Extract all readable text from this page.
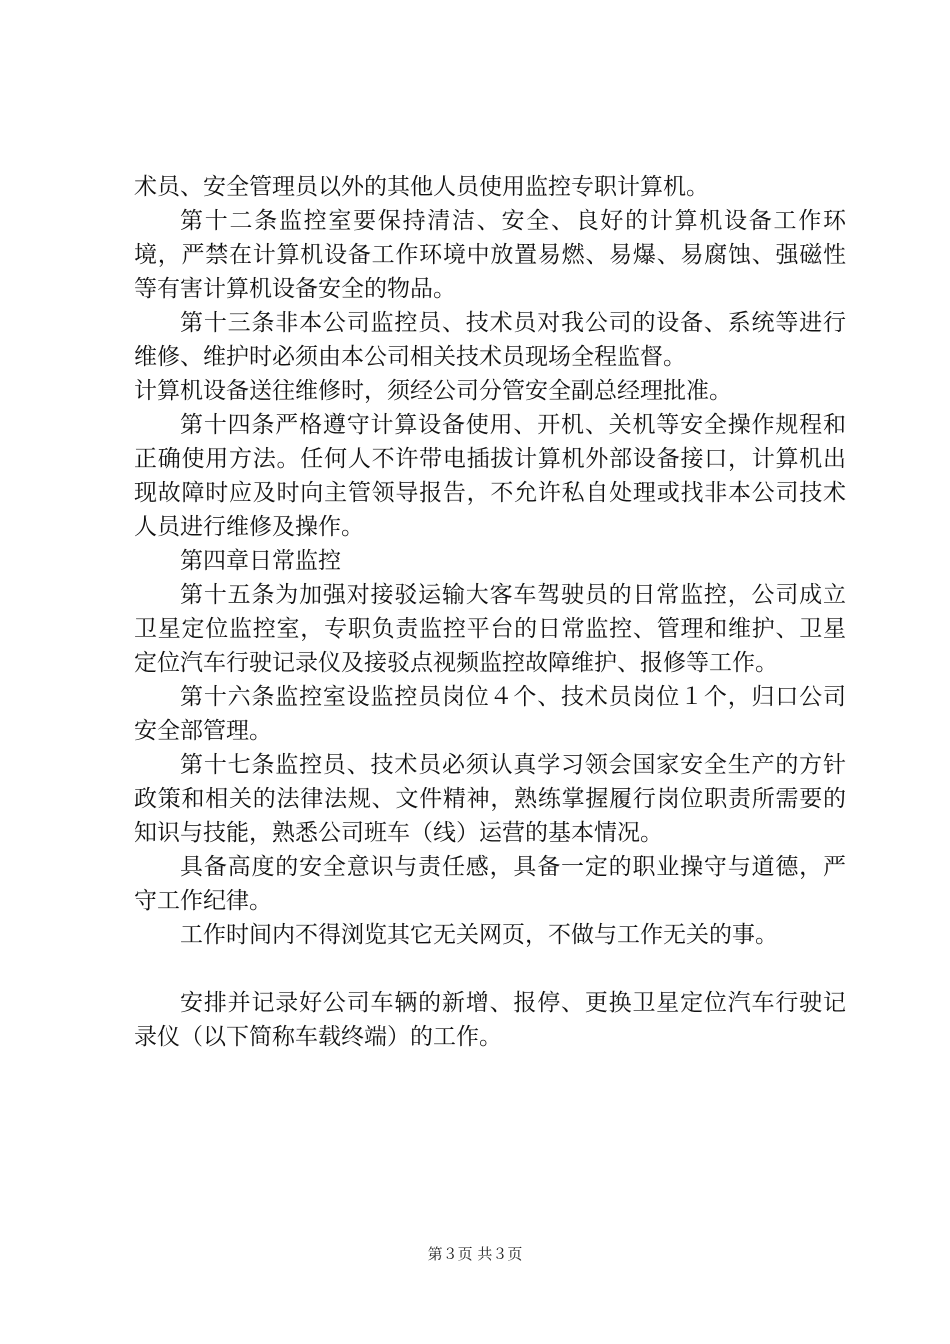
术员、安全管理员以外的其他人员使用监控专职计算机。

第十二条监控室要保持清洁、安全、良好的计算机设备工作环境，严禁在计算机设备工作环境中放置易燃、易爆、易腐蚀、强磁性等有害计算机设备安全的物品。

第十三条非本公司监控员、技术员对我公司的设备、系统等进行维修、维护时必须由本公司相关技术员现场全程监督。

计算机设备送往维修时，须经公司分管安全副总经理批准。

第十四条严格遵守计算设备使用、开机、关机等安全操作规程和正确使用方法。任何人不许带电插拔计算机外部设备接口，计算机出现故障时应及时向主管领导报告，不允许私自处理或找非本公司技术人员进行维修及操作。

第四章日常监控

第十五条为加强对接驳运输大客车驾驶员的日常监控，公司成立卫星定位监控室，专职负责监控平台的日常监控、管理和维护、卫星定位汽车行驶记录仪及接驳点视频监控故障维护、报修等工作。

第十六条监控室设监控员岗位４个、技术员岗位１个，归口公司安全部管理。

第十七条监控员、技术员必须认真学习领会国家安全生产的方针政策和相关的法律法规、文件精神，熟练掌握履行岗位职责所需要的知识与技能，熟悉公司班车（线）运营的基本情况。

具备高度的安全意识与责任感，具备一定的职业操守与道德，严守工作纪律。

工作时间内不得浏览其它无关网页，不做与工作无关的事。

安排并记录好公司车辆的新增、报停、更换卫星定位汽车行驶记录仪（以下简称车载终端）的工作。

第３页 共３页
